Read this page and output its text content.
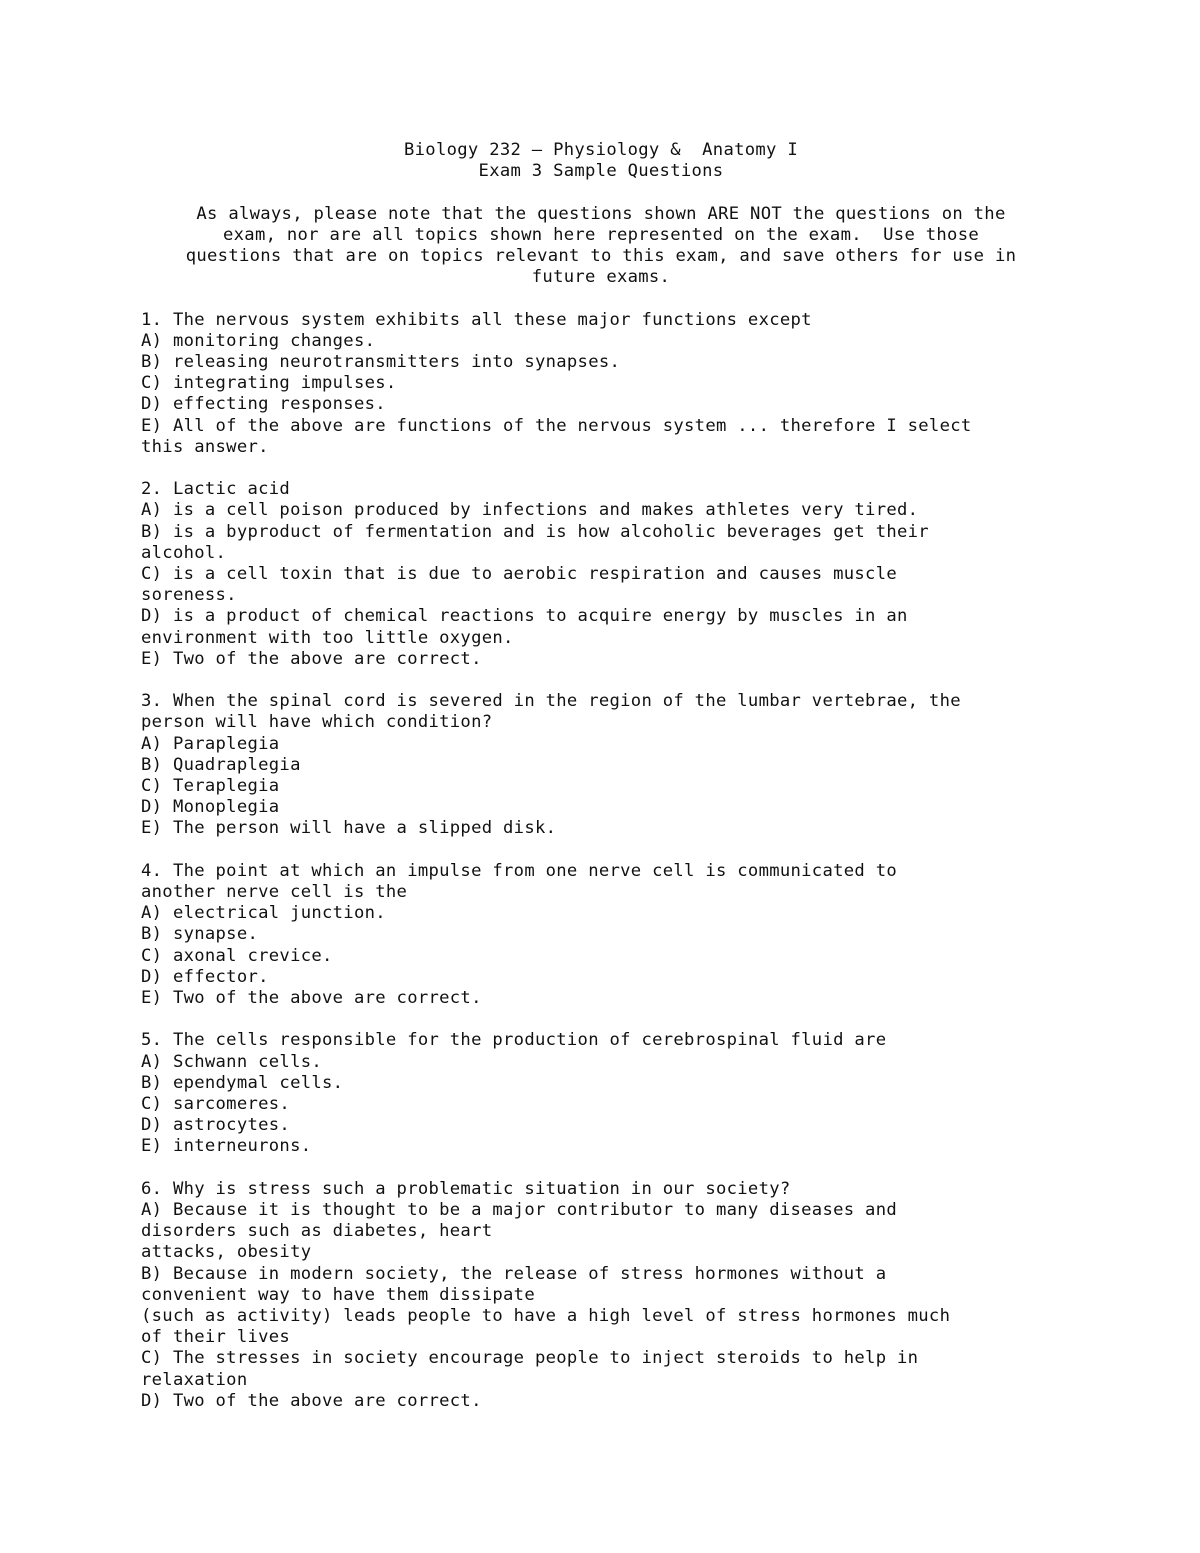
Biology 232 – Physiology &  Anatomy I
Exam 3 Sample Questions
As always, please note that the questions shown ARE NOT the questions on the
exam, nor are all topics shown here represented on the exam.  Use those
questions that are on topics relevant to this exam, and save others for use in
future exams.
1. The nervous system exhibits all these major functions except
A) monitoring changes.
B) releasing neurotransmitters into synapses.
C) integrating impulses.
D) effecting responses.
E) All of the above are functions of the nervous system ... therefore I select
this answer.
2. Lactic acid
A) is a cell poison produced by infections and makes athletes very tired.
B) is a byproduct of fermentation and is how alcoholic beverages get their
alcohol.
C) is a cell toxin that is due to aerobic respiration and causes muscle
soreness.
D) is a product of chemical reactions to acquire energy by muscles in an
environment with too little oxygen.
E) Two of the above are correct.
3. When the spinal cord is severed in the region of the lumbar vertebrae, the
person will have which condition?
A) Paraplegia
B) Quadraplegia
C) Teraplegia
D) Monoplegia
E) The person will have a slipped disk.
4. The point at which an impulse from one nerve cell is communicated to
another nerve cell is the
A) electrical junction.
B) synapse.
C) axonal crevice.
D) effector.
E) Two of the above are correct.
5. The cells responsible for the production of cerebrospinal fluid are
A) Schwann cells.
B) ependymal cells.
C) sarcomeres.
D) astrocytes.
E) interneurons.
6. Why is stress such a problematic situation in our society?
A) Because it is thought to be a major contributor to many diseases and
disorders such as diabetes, heart
attacks, obesity
B) Because in modern society, the release of stress hormones without a
convenient way to have them dissipate
(such as activity) leads people to have a high level of stress hormones much
of their lives
C) The stresses in society encourage people to inject steroids to help in
relaxation
D) Two of the above are correct.
